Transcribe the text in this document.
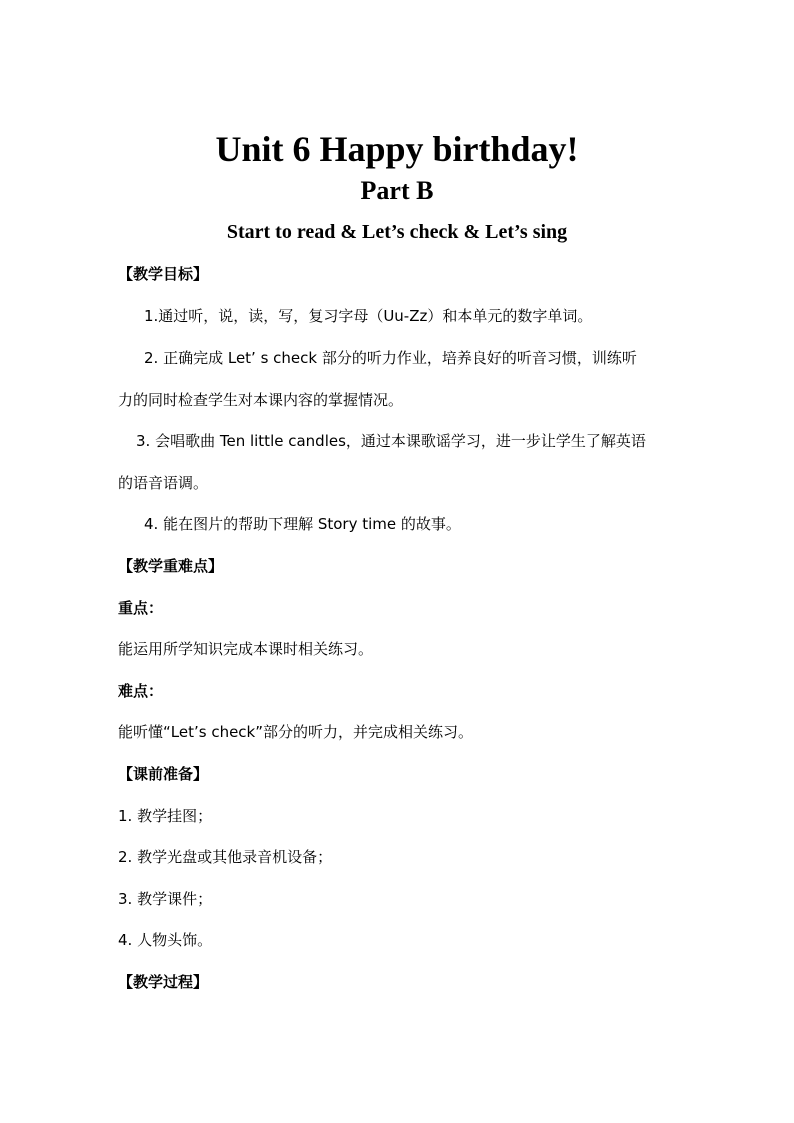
Unit 6 Happy birthday!
Part B
Start to read & Let’s check & Let’s sing
【教学目标】
1.通过听，说，读，写，复习字母（Uu-Zz）和本单元的数字单词。
2. 正确完成 Let’ s check 部分的听力作业，培养良好的听音习惯，训练听
力的同时检查学生对本课内容的掌握情况。
3. 会唱歌曲 Ten little candles，通过本课歌谣学习，进一步让学生了解英语
的语音语调。
4. 能在图片的帮助下理解 Story time 的故事。
【教学重难点】
重点：
能运用所学知识完成本课时相关练习。
难点：
能听懂“Let’s check”部分的听力，并完成相关练习。
【课前准备】
1. 教学挂图；
2. 教学光盘或其他录音机设备；
3. 教学课件；
4. 人物头饰。
【教学过程】
